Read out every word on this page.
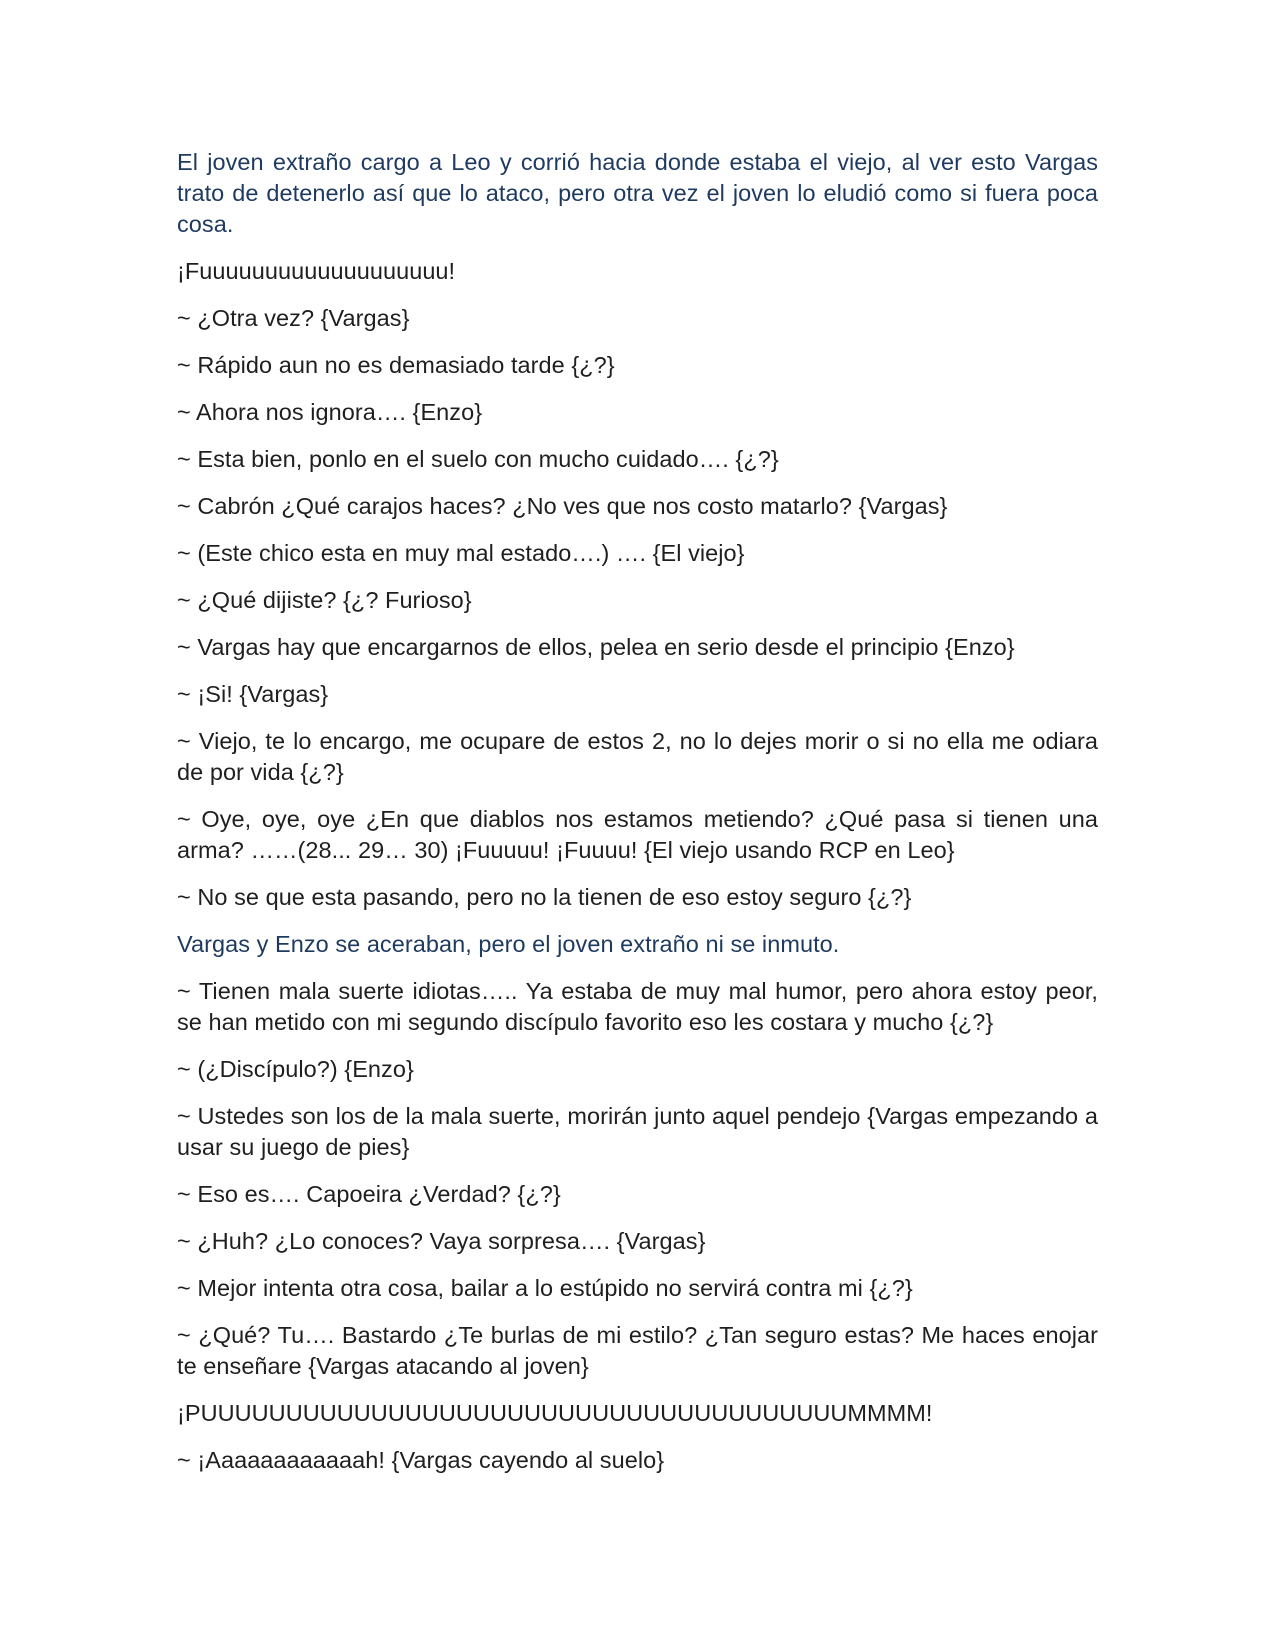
El joven extraño cargo a Leo y corrió hacia donde estaba el viejo, al ver esto Vargas trato de detenerlo así que lo ataco, pero otra vez el joven lo eludió como si fuera poca cosa.

¡Fuuuuuuuuuuuuuuuuuuu!

~ ¿Otra vez? {Vargas}

~ Rápido aun no es demasiado tarde {¿?}

~ Ahora nos ignora…. {Enzo}

~ Esta bien, ponlo en el suelo con mucho cuidado…. {¿?}

~ Cabrón ¿Qué carajos haces? ¿No ves que nos costo matarlo? {Vargas}

~ (Este chico esta en muy mal estado….) …. {El viejo}

~ ¿Qué dijiste? {¿? Furioso}

~ Vargas hay que encargarnos de ellos, pelea en serio desde el principio {Enzo}

~ ¡Si! {Vargas}

~ Viejo, te lo encargo, me ocupare de estos 2, no lo dejes morir o si no ella me odiara de por vida {¿?}

~ Oye, oye, oye ¿En que diablos nos estamos metiendo? ¿Qué pasa si tienen una arma? ……(28... 29… 30) ¡Fuuuuu! ¡Fuuuu! {El viejo usando RCP en Leo}

~ No se que esta pasando, pero no la tienen de eso estoy seguro {¿?}

Vargas y Enzo se aceraban, pero el joven extraño ni se inmuto.

~ Tienen mala suerte idiotas….. Ya estaba de muy mal humor, pero ahora estoy peor, se han metido con mi segundo discípulo favorito eso les costara y mucho {¿?}

~ (¿Discípulo?) {Enzo}

~ Ustedes son los de la mala suerte, morirán junto aquel pendejo {Vargas empezando a usar su juego de pies}

~ Eso es…. Capoeira ¿Verdad? {¿?}

~ ¿Huh? ¿Lo conoces? Vaya sorpresa…. {Vargas}

~ Mejor intenta otra cosa, bailar a lo estúpido no servirá contra mi {¿?}

~ ¿Qué? Tu…. Bastardo ¿Te burlas de mi estilo? ¿Tan seguro estas? Me haces enojar te enseñare {Vargas atacando al joven}

¡PUUUUUUUUUUUUUUUUUUUUUUUUUUUUUUUUUUUUUUMMMM!

~ ¡Aaaaaaaaaaaah! {Vargas cayendo al suelo}
